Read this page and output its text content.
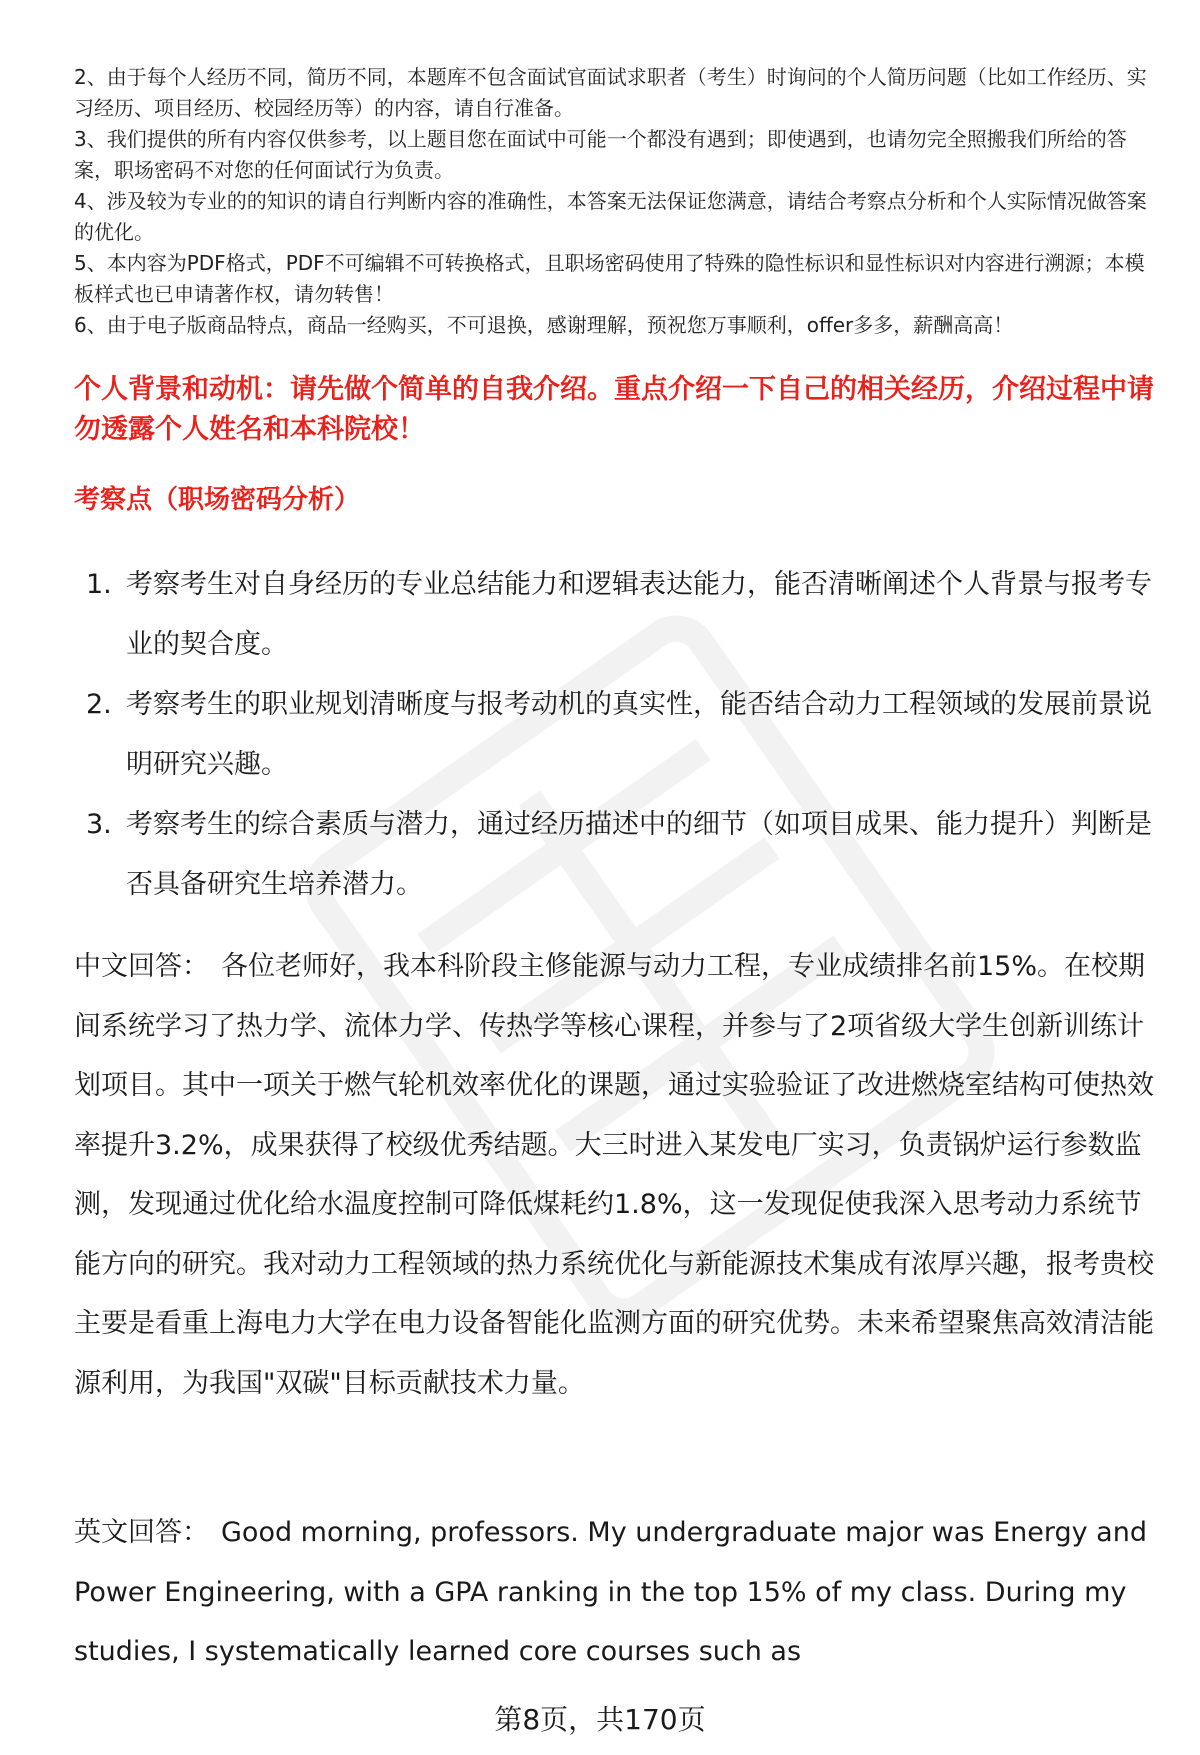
2、由于每个人经历不同，简历不同，本题库不包含面试官面试求职者（考生）时询问的个人简历问题（比如工作经历、实习经历、项目经历、校园经历等）的内容，请自行准备。

3、我们提供的所有内容仅供参考，以上题目您在面试中可能一个都没有遇到；即使遇到，也请勿完全照搬我们所给的答案，职场密码不对您的任何面试行为负责。

4、涉及较为专业的的知识的请自行判断内容的准确性，本答案无法保证您满意，请结合考察点分析和个人实际情况做答案的优化。

5、本内容为PDF格式，PDF不可编辑不可转换格式，且职场密码使用了特殊的隐性标识和显性标识对内容进行溯源；本模板样式也已申请著作权，请勿转售！

6、由于电子版商品特点，商品一经购买，不可退换，感谢理解，预祝您万事顺利，offer多多，薪酬高高！

个人背景和动机：请先做个简单的自我介绍。重点介绍一下自己的相关经历，介绍过程中请勿透露个人姓名和本科院校！
考察点（职场密码分析）
1. 考察考生对自身经历的专业总结能力和逻辑表达能力，能否清晰阐述个人背景与报考专业的契合度。
2. 考察考生的职业规划清晰度与报考动机的真实性，能否结合动力工程领域的发展前景说明研究兴趣。
3. 考察考生的综合素质与潜力，通过经历描述中的细节（如项目成果、能力提升）判断是否具备研究生培养潜力。

中文回答： 各位老师好，我本科阶段主修能源与动力工程，专业成绩排名前15%。在校期间系统学习了热力学、流体力学、传热学等核心课程，并参与了2项省级大学生创新训练计划项目。其中一项关于燃气轮机效率优化的课题，通过实验验证了改进燃烧室结构可使热效率提升3.2%，成果获得了校级优秀结题。大三时进入某发电厂实习，负责锅炉运行参数监测，发现通过优化给水温度控制可降低煤耗约1.8%，这一发现促使我深入思考动力系统节能方向的研究。我对动力工程领域的热力系统优化与新能源技术集成有浓厚兴趣，报考贵校主要是看重上海电力大学在电力设备智能化监测方面的研究优势。未来希望聚焦高效清洁能源利用，为我国"双碳"目标贡献技术力量。

英文回答： Good morning, professors. My undergraduate major was Energy and Power Engineering, with a GPA ranking in the top 15% of my class. During my studies, I systematically learned core courses such as

第8页，共170页
